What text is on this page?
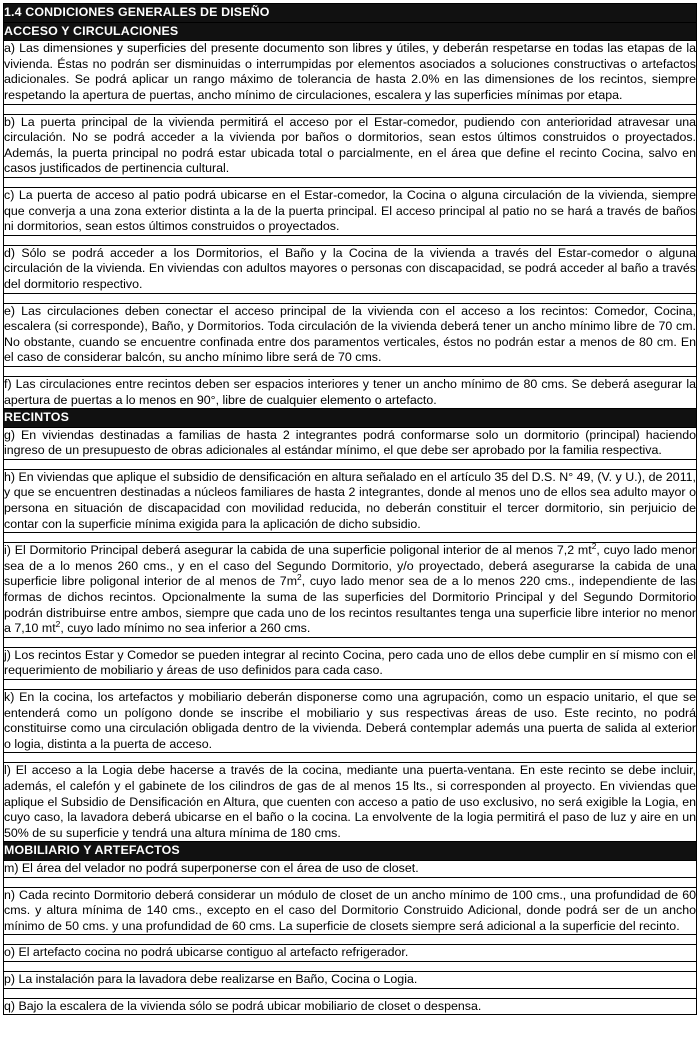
1.4 CONDICIONES GENERALES DE DISEÑO
ACCESO Y CIRCULACIONES
a) Las dimensiones y superficies del presente documento son libres y útiles, y deberán respetarse en todas las etapas de la vivienda. Éstas no podrán ser disminuidas o interrumpidas por elementos asociados a soluciones constructivas o artefactos adicionales. Se podrá aplicar un rango máximo de tolerancia de hasta 2.0% en las dimensiones de los recintos, siempre respetando la apertura de puertas, ancho mínimo de circulaciones, escalera y las superficies mínimas por etapa.

b) La puerta principal de la vivienda permitirá el acceso por el Estar-comedor, pudiendo con anterioridad atravesar una circulación. No se podrá acceder a la vivienda por baños o dormitorios, sean estos últimos construidos o proyectados. Además, la puerta principal no podrá estar ubicada total o parcialmente, en el área que define el recinto Cocina, salvo en casos justificados de pertinencia cultural.

c) La puerta de acceso al patio podrá ubicarse en el Estar-comedor, la Cocina o alguna circulación de la vivienda, siempre que converja a una zona exterior distinta a la de la puerta principal. El acceso principal al patio no se hará a través de baños ni dormitorios, sean estos últimos construidos o proyectados.

d) Sólo se podrá acceder a los Dormitorios, el Baño y la Cocina de la vivienda a través del Estar-comedor o alguna circulación de la vivienda. En viviendas con adultos mayores o personas con discapacidad, se podrá acceder al baño a través del dormitorio respectivo.

e) Las circulaciones deben conectar el acceso principal de la vivienda con el acceso a los recintos: Comedor, Cocina, escalera (si corresponde), Baño, y Dormitorios. Toda circulación de la vivienda deberá tener un ancho mínimo libre de 70 cm. No obstante, cuando se encuentre confinada entre dos paramentos verticales, éstos no podrán estar a menos de 80 cm. En el caso de considerar balcón, su ancho mínimo libre será de 70 cms.

f) Las circulaciones entre recintos deben ser espacios interiores y tener un ancho mínimo de 80 cms. Se deberá asegurar la apertura de puertas a lo menos en 90°, libre de cualquier elemento o artefacto.
RECINTOS
g) En viviendas destinadas a familias de hasta 2 integrantes podrá conformarse solo un dormitorio (principal) haciendo ingreso de un presupuesto de obras adicionales al estándar mínimo, el que debe ser aprobado por la familia respectiva.

h) En viviendas que aplique el subsidio de densificación en altura señalado en el artículo 35 del D.S. N° 49, (V. y U.), de 2011, y que se encuentren destinadas a núcleos familiares de hasta 2 integrantes, donde al menos uno de ellos sea adulto mayor o persona en situación de discapacidad con movilidad reducida, no deberán constituir el tercer dormitorio, sin perjuicio de contar con la superficie mínima exigida para la aplicación de dicho subsidio.

i) El Dormitorio Principal deberá asegurar la cabida de una superficie poligonal interior de al menos 7,2 $mt^2$, cuyo lado menor sea de a lo menos 260 cms., y en el caso del Segundo Dormitorio, y/o proyectado, deberá asegurarse la cabida de una superficie libre poligonal interior de al menos de $7m^2$, cuyo lado menor sea de a lo menos 220 cms., independiente de las formas de dichos recintos. Opcionalmente la suma de las superficies del Dormitorio Principal y del Segundo Dormitorio podrán distribuirse entre ambos, siempre que cada uno de los recintos resultantes tenga una superficie libre interior no menor a 7,10 $mt^2$, cuyo lado mínimo no sea inferior a 260 cms.

j) Los recintos Estar y Comedor se pueden integrar al recinto Cocina, pero cada uno de ellos debe cumplir en sí mismo con el requerimiento de mobiliario y áreas de uso definidos para cada caso.

k) En la cocina, los artefactos y mobiliario deberán disponerse como una agrupación, como un espacio unitario, el que se entenderá como un polígono donde se inscribe el mobiliario y sus respectivas áreas de uso. Este recinto, no podrá constituirse como una circulación obligada dentro de la vivienda. Deberá contemplar además una puerta de salida al exterior o logia, distinta a la puerta de acceso.

l) El acceso a la Logia debe hacerse a través de la cocina, mediante una puerta-ventana. En este recinto se debe incluir, además, el calefón y el gabinete de los cilindros de gas de al menos 15 lts., si corresponden al proyecto. En viviendas que aplique el Subsidio de Densificación en Altura, que cuenten con acceso a patio de uso exclusivo, no será exigible la Logia, en cuyo caso, la lavadora deberá ubicarse en el baño o la cocina. La envolvente de la logia permitirá el paso de luz y aire en un 50% de su superficie y tendrá una altura mínima de 180 cms.
MOBILIARIO Y ARTEFACTOS
m) El área del velador no podrá superponerse con el área de uso de closet.

n) Cada recinto Dormitorio deberá considerar un módulo de closet de un ancho mínimo de 100 cms., una profundidad de 60 cms. y altura mínima de 140 cms., excepto en el caso del Dormitorio Construido Adicional, donde podrá ser de un ancho mínimo de 50 cms. y una profundidad de 60 cms. La superficie de closets siempre será adicional a la superficie del recinto.

o) El artefacto cocina no podrá ubicarse contiguo al artefacto refrigerador.

p) La instalación para la lavadora debe realizarse en Baño, Cocina o Logia.

q) Bajo la escalera de la vivienda sólo se podrá ubicar mobiliario de closet o despensa.
